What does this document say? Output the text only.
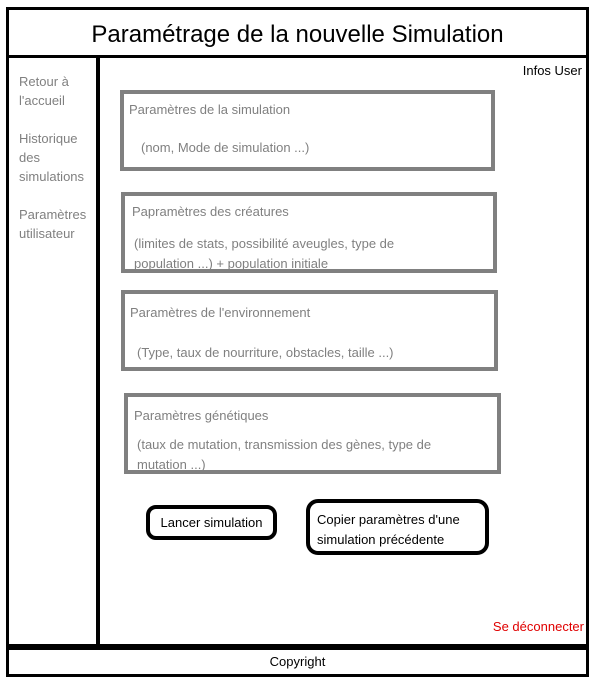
Paramétrage de la nouvelle Simulation
Retour à l'accueil
Historique des simulations
Paramètres utilisateur
Infos User
Paramètres de la simulation
(nom, Mode de simulation ...)
Papramètres des créatures
(limites de stats, possibilité aveugles, type de population ...) + population initiale
Paramètres de l'environnement
(Type, taux de nourriture, obstacles, taille ...)
Paramètres génétiques
(taux de mutation, transmission des gènes, type de mutation ...)
Lancer simulation	Copier paramètres d'une simulation précédente
Se déconnecter
Copyright
